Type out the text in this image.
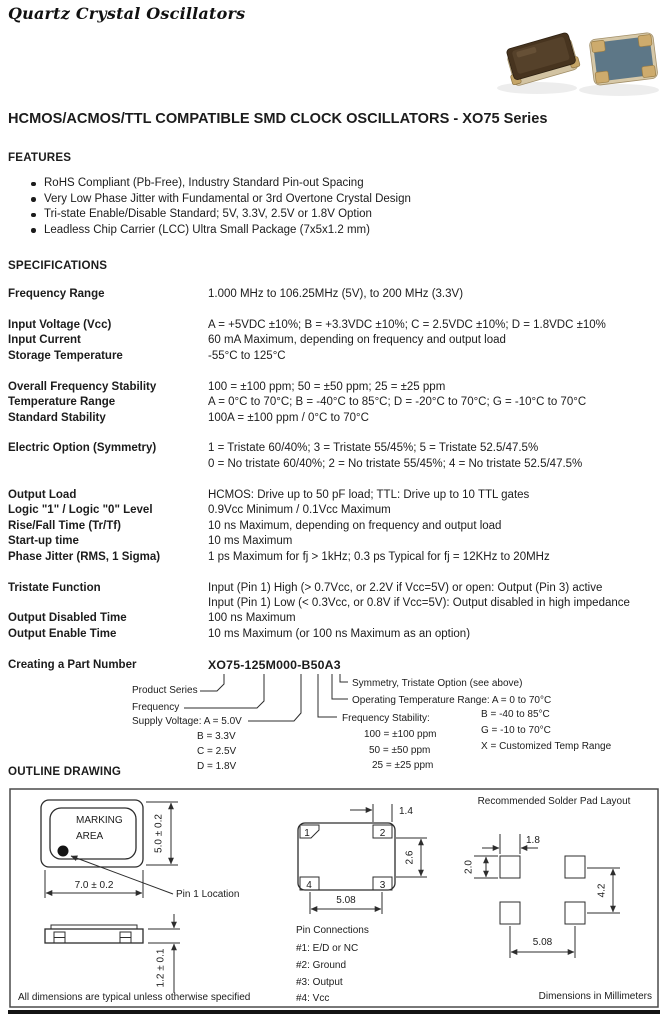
Quartz Crystal Oscillators
HCMOS/ACMOS/TTL COMPATIBLE SMD CLOCK OSCILLATORS - XO75 Series
FEATURES
RoHS Compliant (Pb-Free), Industry Standard Pin-out Spacing
Very Low Phase Jitter with Fundamental or 3rd Overtone Crystal Design
Tri-state Enable/Disable Standard; 5V, 3.3V, 2.5V or 1.8V Option
Leadless Chip Carrier (LCC) Ultra Small Package (7x5x1.2 mm)
SPECIFICATIONS
Frequency Range	1.000 MHz to 106.25MHz (5V), to 200 MHz (3.3V)
Input Voltage (Vcc)	A = +5VDC ±10%; B = +3.3VDC ±10%; C = 2.5VDC ±10%; D = 1.8VDC ±10%
Input Current	60 mA Maximum, depending on frequency and output load
Storage Temperature	-55°C to 125°C
Overall Frequency Stability	100 = ±100 ppm; 50 = ±50 ppm; 25 = ±25 ppm
Temperature Range	A = 0°C to 70°C; B = -40°C to 85°C; D = -20°C to 70°C; G = -10°C to 70°C
Standard Stability	100A = ±100 ppm / 0°C to 70°C
Electric Option (Symmetry)	1 = Tristate 60/40%; 3 = Tristate 55/45%; 5 = Tristate 52.5/47.5%
0 = No tristate 60/40%; 2 = No tristate 55/45%; 4 = No tristate 52.5/47.5%
Output Load	HCMOS: Drive up to 50 pF load; TTL: Drive up to 10 TTL gates
Logic "1" / Logic "0" Level	0.9Vcc Minimum / 0.1Vcc Maximum
Rise/Fall Time (Tr/Tf)	10 ns Maximum, depending on frequency and output load
Start-up time	10 ms Maximum
Phase Jitter (RMS, 1 Sigma)	1 ps Maximum for fj > 1kHz; 0.3 ps Typical for fj = 12KHz to 20MHz
Tristate Function	Input (Pin 1) High (> 0.7Vcc, or 2.2V if Vcc=5V) or open: Output (Pin 3) active
Input (Pin 1) Low (< 0.3Vcc, or 0.8V if Vcc=5V): Output disabled in high impedance
Output Disabled Time	100 ns Maximum
Output Enable Time	10 ms Maximum (or 100 ns Maximum as an option)
Creating a Part Number	XO75-125M000-B50A3
Product Series
Frequency
Supply Voltage: A = 5.0V
B = 3.3V
C = 2.5V
D = 1.8V
Symmetry, Tristate Option (see above)
Operating Temperature Range: A = 0 to 70°C
B = -40 to 85°C
G = -10 to 70°C
X = Customized Temp Range
Frequency Stability:
100 = ±100 ppm
50 = ±50 ppm
25 = ±25 ppm
OUTLINE DRAWING
MARKING
AREA	5.0 ± 0.2
7.0 ± 0.2
Pin 1 Location
1.2 ± 0.1
All dimensions are typical unless otherwise specified
1	2
3
4
1.4
2.6
5.08
Pin Connections
#1: E/D or NC
#2: Ground
#3: Output
#4: Vcc
Recommended Solder Pad Layout
1.8
2.0
4.2
5.08
Dimensions in Millimeters
